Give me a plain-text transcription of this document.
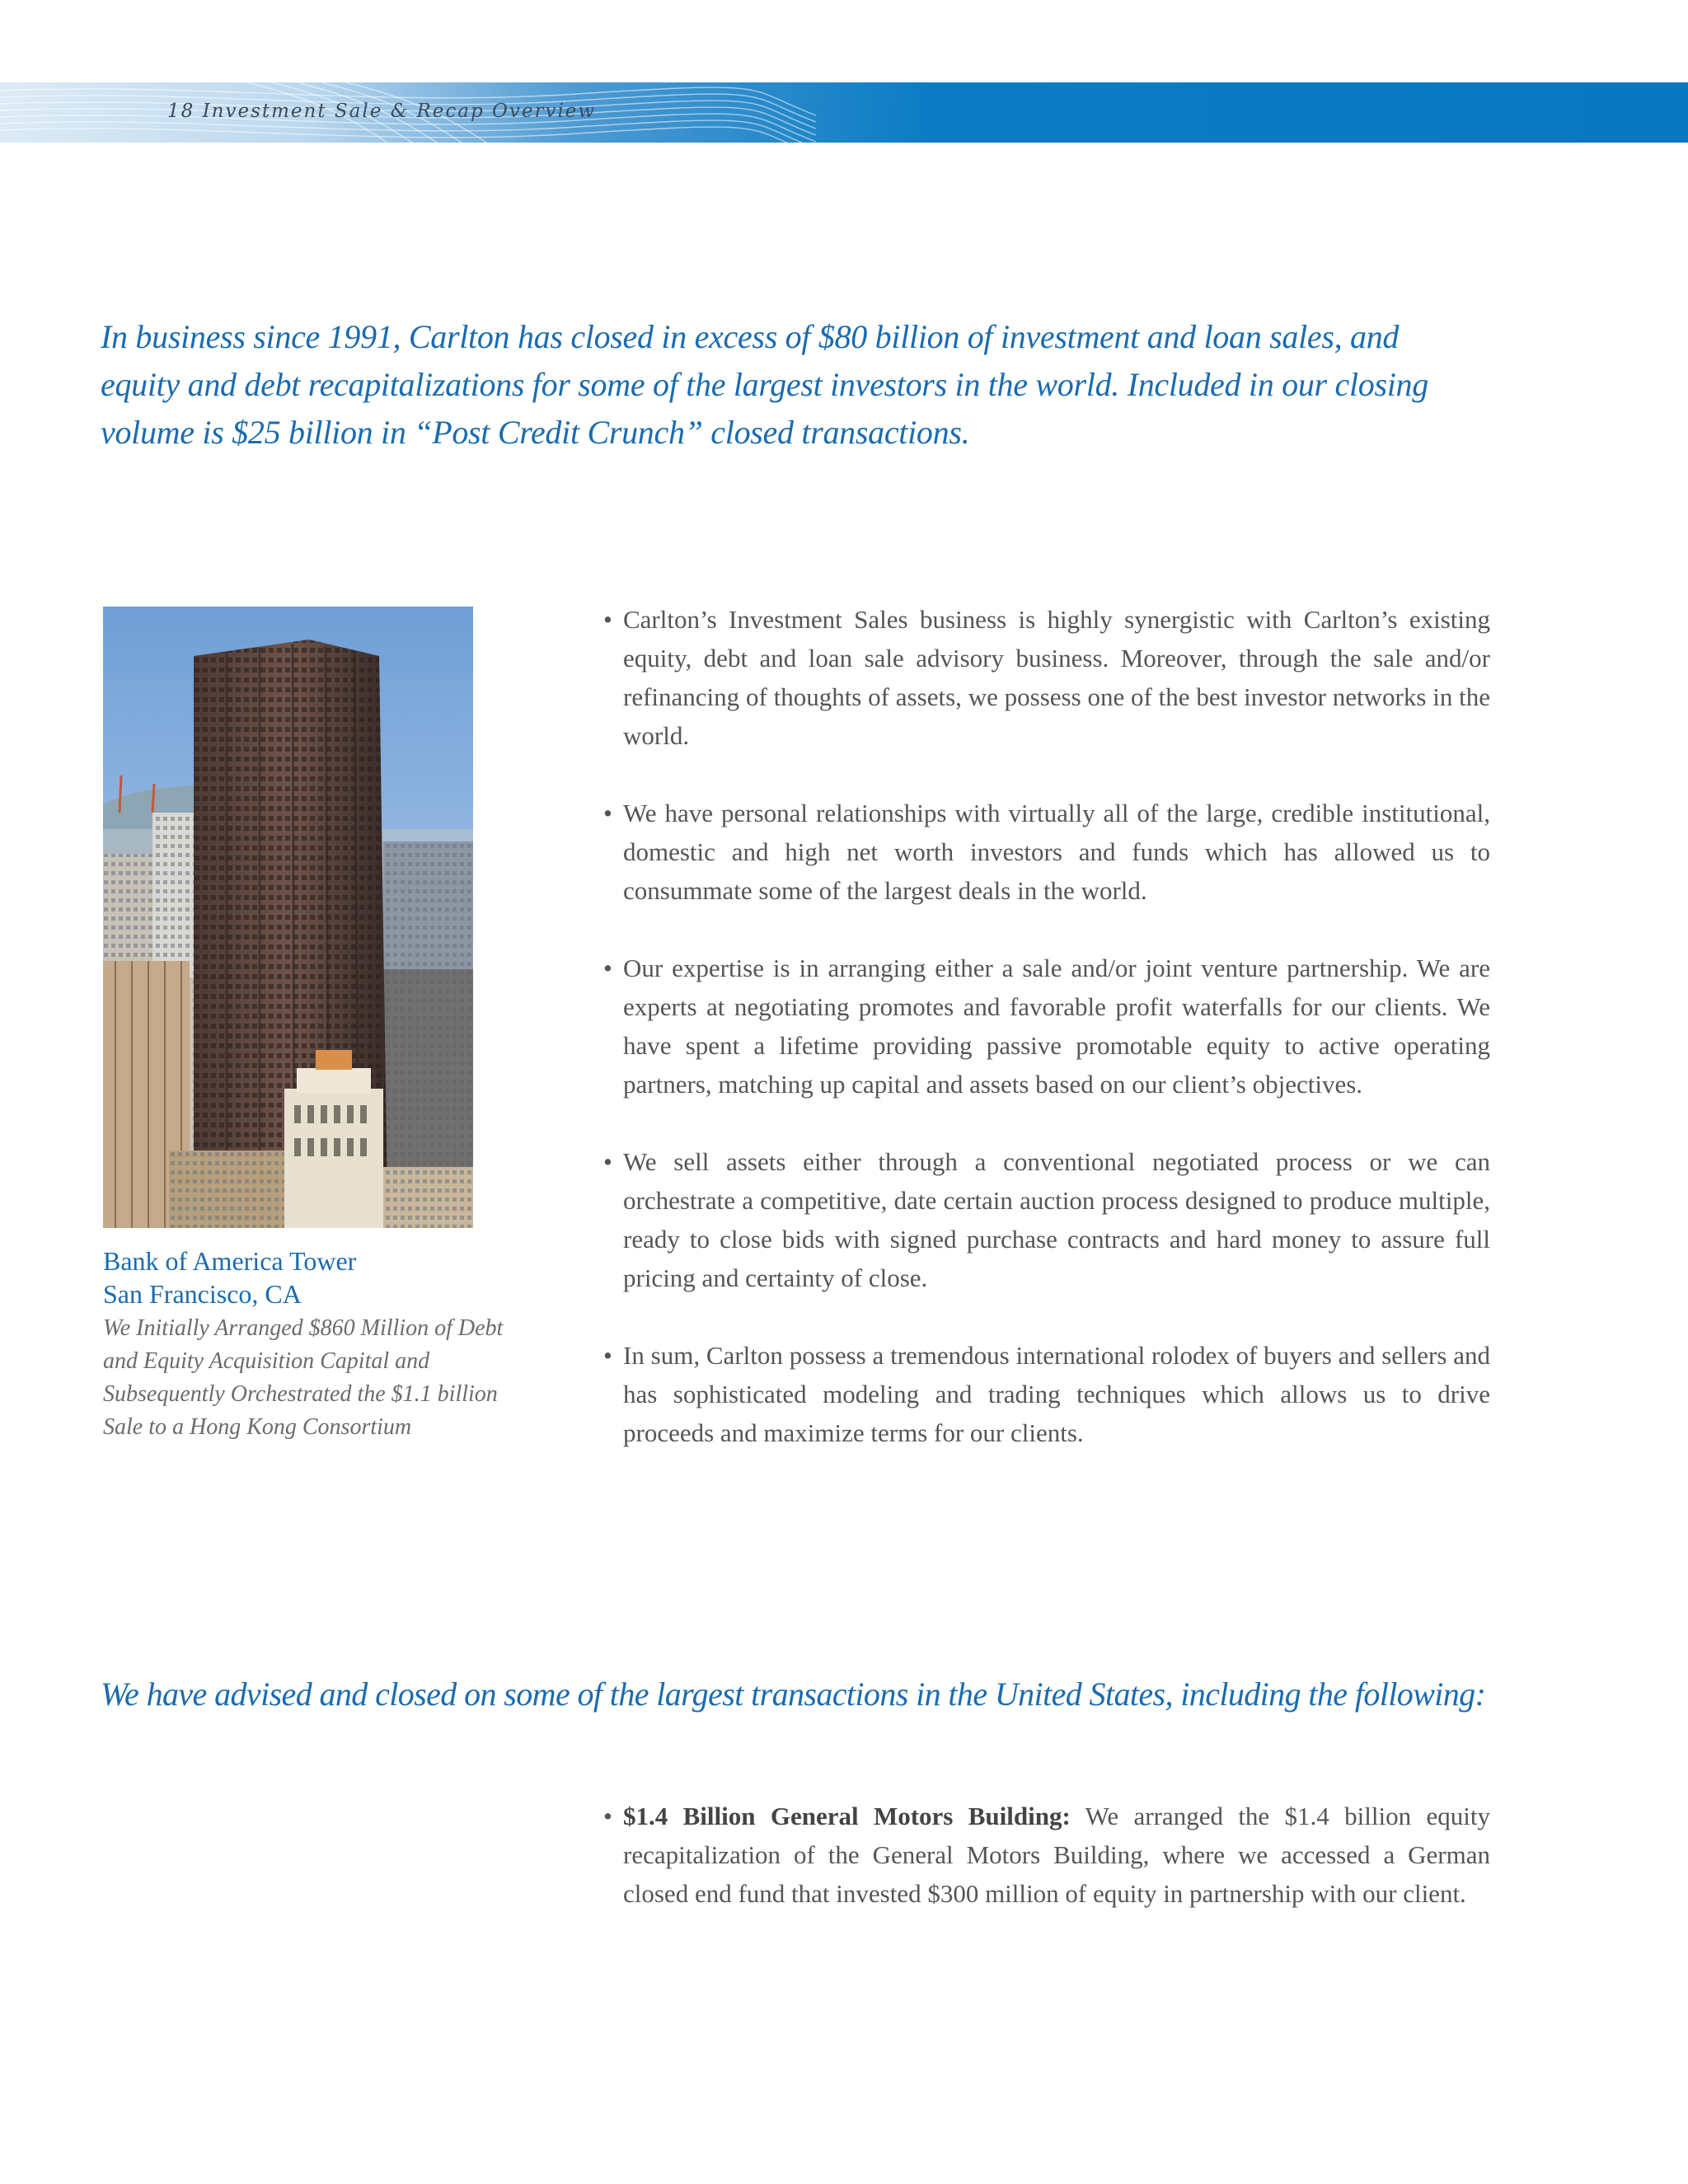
18 Investment Sale & Recap Overview
In business since 1991, Carlton has closed in excess of $80 billion of investment and loan sales, and equity and debt recapitalizations for some of the largest investors in the world. Included in our closing volume is $25 billion in “Post Credit Crunch” closed transactions.
Bank of America Tower
San Francisco, CA
We Initially Arranged $860 Million of Debt and Equity Acquisition Capital and Subsequently Orchestrated the $1.1 billion Sale to a Hong Kong Consortium
• Carlton’s Investment Sales business is highly synergistic with Carlton’s existing equity, debt and loan sale advisory business. Moreover, through the sale and/or refinancing of thoughts of assets, we possess one of the best investor networks in the world.
• We have personal relationships with virtually all of the large, credible institutional, domestic and high net worth investors and funds which has allowed us to consummate some of the largest deals in the world.
• Our expertise is in arranging either a sale and/or joint venture partnership. We are experts at negotiating promotes and favorable profit waterfalls for our clients. We have spent a lifetime providing passive promotable equity to active operating partners, matching up capital and assets based on our client’s objectives.
• We sell assets either through a conventional negotiated process or we can orchestrate a competitive, date certain auction process designed to produce multiple, ready to close bids with signed purchase contracts and hard money to assure full pricing and certainty of close.
• In sum, Carlton possess a tremendous international rolodex of buyers and sellers and has sophisticated modeling and trading techniques which allows us to drive proceeds and maximize terms for our clients.
We have advised and closed on some of the largest transactions in the United States, including the following:
• $1.4 Billion General Motors Building: We arranged the $1.4 billion equity recapitalization of the General Motors Building, where we accessed a German closed end fund that invested $300 million of equity in partnership with our client.
